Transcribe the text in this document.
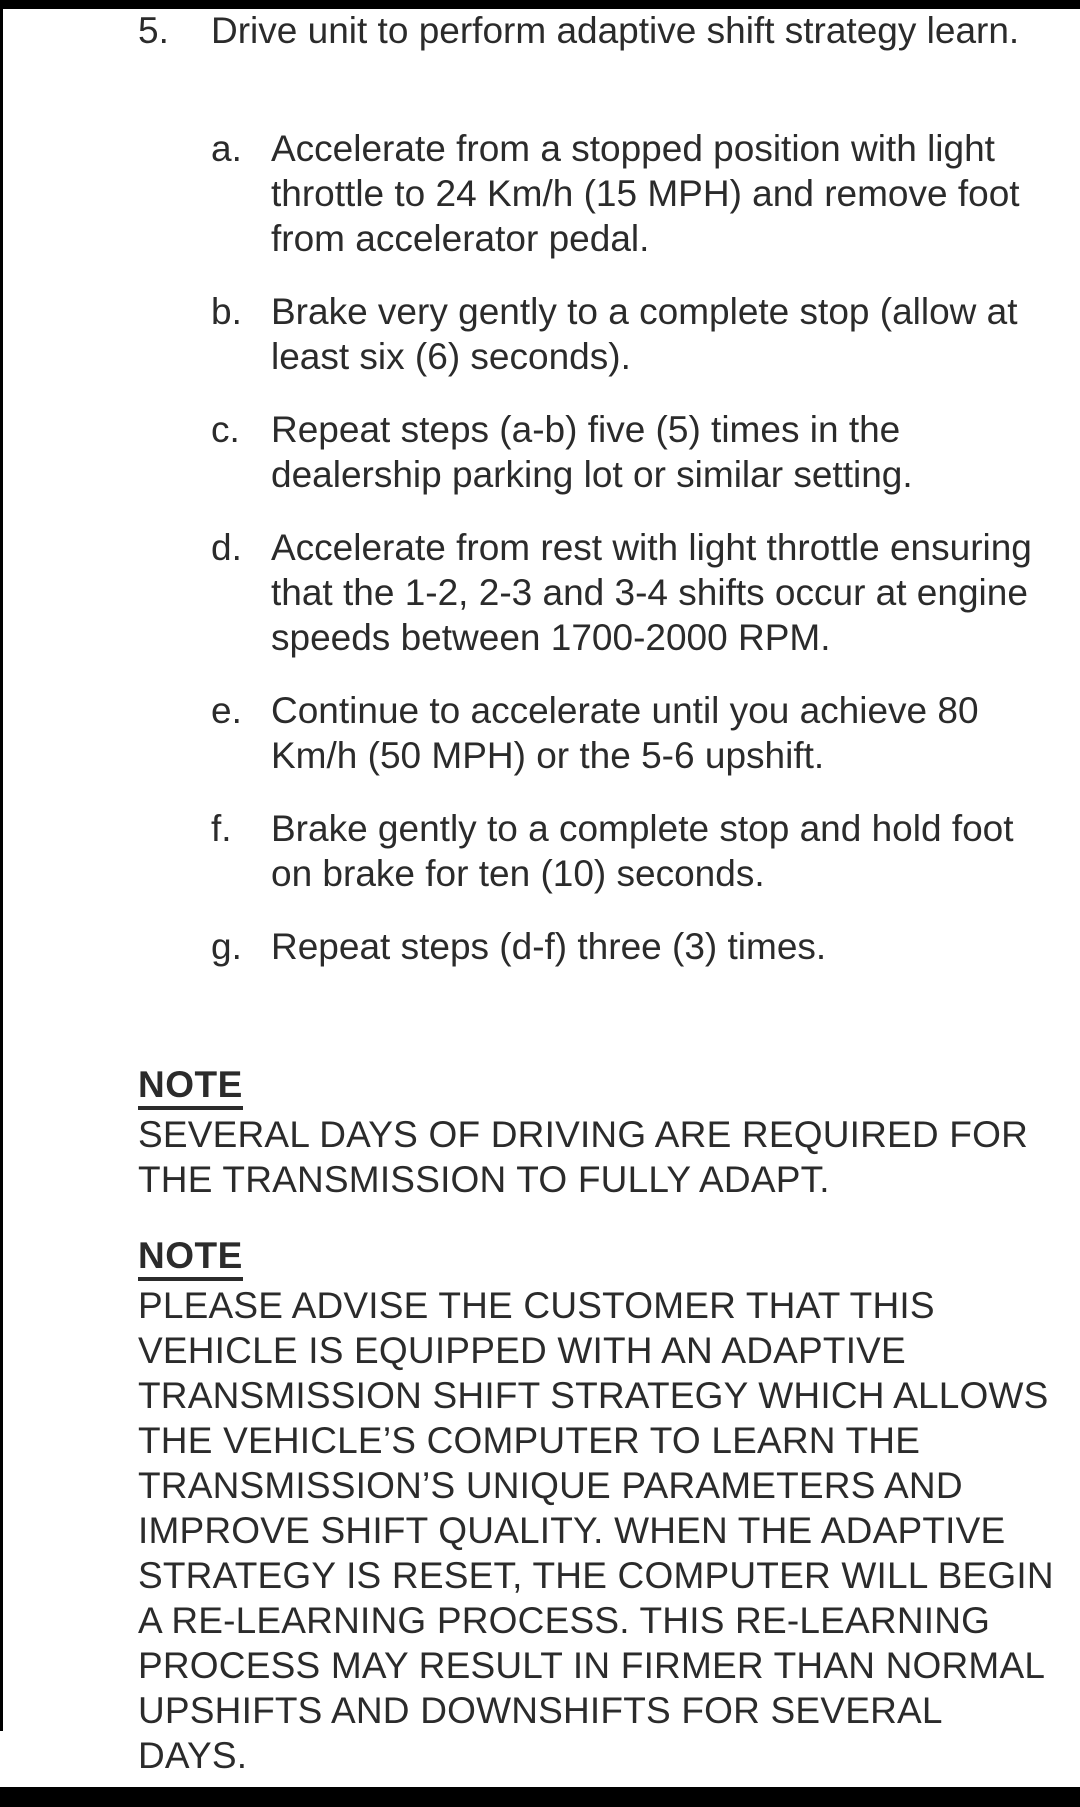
5. Drive unit to perform adaptive shift strategy learn.
a. Accelerate from a stopped position with light throttle to 24 Km/h (15 MPH) and remove foot from accelerator pedal.
b. Brake very gently to a complete stop (allow at least six (6) seconds).
c. Repeat steps (a-b) five (5) times in the dealership parking lot or similar setting.
d. Accelerate from rest with light throttle ensuring that the 1-2, 2-3 and 3-4 shifts occur at engine speeds between 1700-2000 RPM.
e. Continue to accelerate until you achieve 80 Km/h (50 MPH) or the 5-6 upshift.
f. Brake gently to a complete stop and hold foot on brake for ten (10) seconds.
g. Repeat steps (d-f) three (3) times.
NOTE
SEVERAL DAYS OF DRIVING ARE REQUIRED FOR THE TRANSMISSION TO FULLY ADAPT.
NOTE
PLEASE ADVISE THE CUSTOMER THAT THIS VEHICLE IS EQUIPPED WITH AN ADAPTIVE TRANSMISSION SHIFT STRATEGY WHICH ALLOWS THE VEHICLE’S COMPUTER TO LEARN THE TRANSMISSION’S UNIQUE PARAMETERS AND IMPROVE SHIFT QUALITY. WHEN THE ADAPTIVE STRATEGY IS RESET, THE COMPUTER WILL BEGIN A RE-LEARNING PROCESS. THIS RE-LEARNING PROCESS MAY RESULT IN FIRMER THAN NORMAL UPSHIFTS AND DOWNSHIFTS FOR SEVERAL DAYS.
